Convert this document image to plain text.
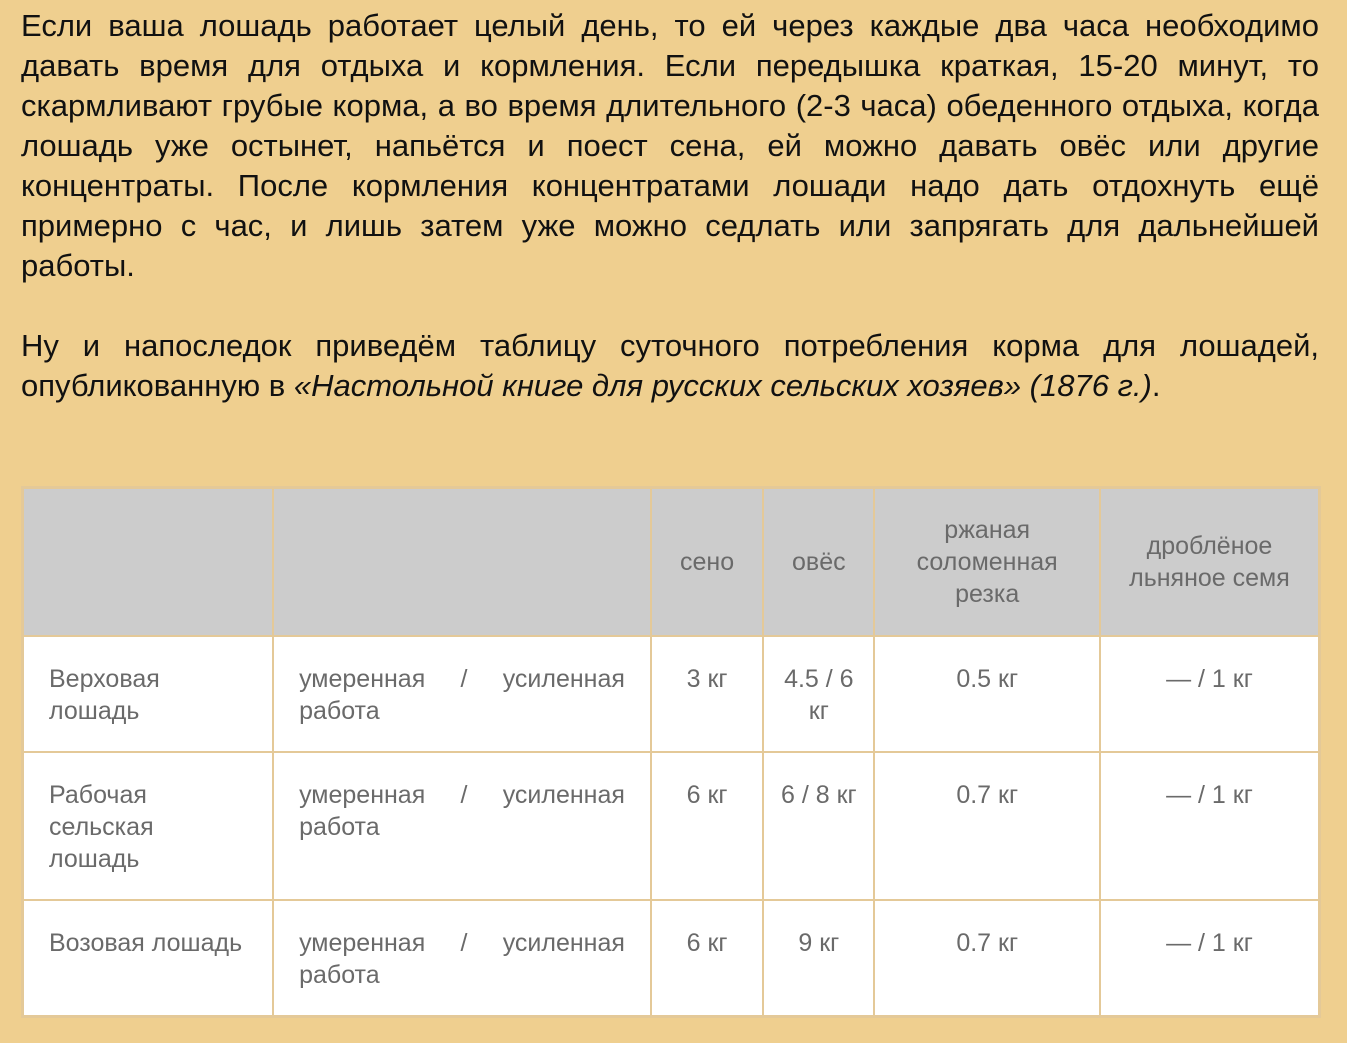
Если ваша лошадь работает целый день, то ей через каждые два часа необходимо давать время для отдыха и кормления. Если передышка краткая, 15-20 минут, то скармливают грубые корма, а во время длительного (2-3 часа) обеденного отдыха, когда лошадь уже остынет, напьётся и поест сена, ей можно давать овёс или другие концентраты. После кормления концентратами лошади надо дать отдохнуть ещё примерно с час, и лишь затем уже можно седлать или запрягать для дальнейшей работы.

Ну и напоследок приведём таблицу суточного потребления корма для лошадей, опубликованную в «Настольной книге для русских сельских хозяев» (1876 г.).

		сено	овёс	ржаная соломенная резка	дроблёное льняное семя
Верховая лошадь	умеренная / усиленная работа	3 кг	4.5 / 6 кг	0.5 кг	— / 1 кг
Рабочая сельская лошадь	умеренная / усиленная работа	6 кг	6 / 8 кг	0.7 кг	— / 1 кг
Возовая лошадь	умеренная / усиленная работа	6 кг	9 кг	0.7 кг	— / 1 кг
